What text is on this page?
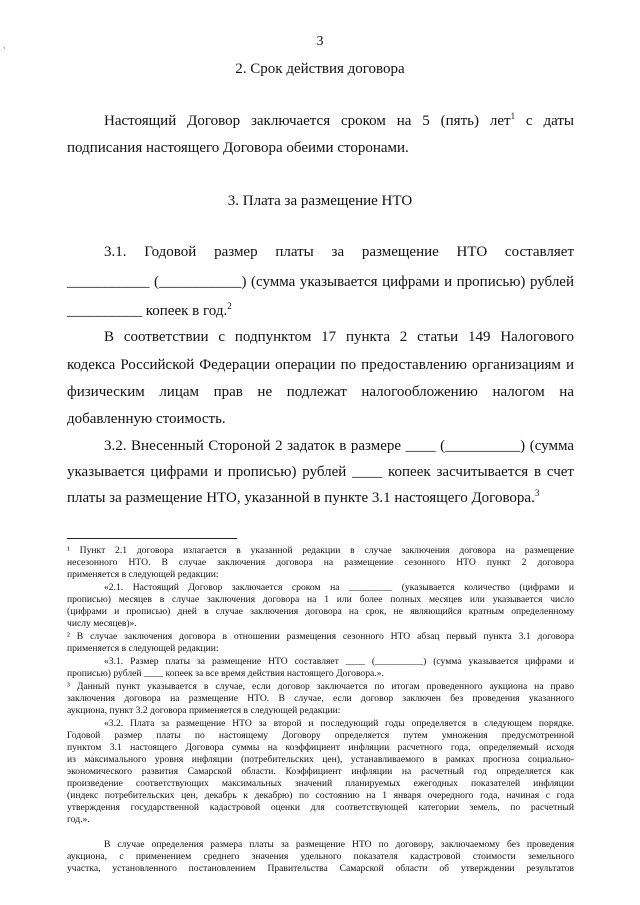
,	3
2. Срок действия договора
Настоящий Договор заключается сроком на 5 (пять) лет$^1$ с даты
подписания настоящего Договора обеими сторонами.
3. Плата за размещение НТО
3.1. Годовой размер платы за размещение НТО составляет
___________ (___________) (сумма указывается цифрами и прописью) рублей
__________ копеек в год.$^2$
В соответствии с подпунктом 17 пункта 2 статьи 149 Налогового
кодекса Российской Федерации операции по предоставлению организациям и
физическим лицам прав не подлежат налогообложению налогом на
добавленную стоимость.
3.2. Внесенный Стороной 2 задаток в размере ____ (__________) (сумма
указывается цифрами и прописью) рублей ____ копеек засчитывается в счет
платы за размещение НТО, указанной в пункте 3.1 настоящего Договора.$^3$
¹ Пункт 2.1 договора излагается в указанной редакции в случае заключения договора на размещение
несезонного НТО. В случае заключения договора на размещение сезонного НТО пункт 2 договора
применяется в следующей редакции:
«2.1. Настоящий Договор заключается сроком на _________ (указывается количество (цифрами и
прописью) месяцев в случае заключения договора на 1 или более полных месяцев или указывается число
(цифрами и прописью) дней в случае заключения договора на срок, не являющийся кратным определенному
числу месяцев)».
² В случае заключения договора в отношении размещения сезонного НТО абзац первый пункта 3.1 договора
применяется в следующей редакции:
«3.1. Размер платы за размещение НТО составляет ____ (__________) (сумма указывается цифрами и
прописью) рублей ____ копеек за все время действия настоящего Договора.».
³ Данный пункт указывается в случае, если договор заключается по итогам проведенного аукциона на право
заключения договора на размещение НТО. В случае, если договор заключен без проведения указанного
аукциона, пункт 3.2 договора применяется в следующей редакции:
«3.2. Плата за размещение НТО за второй и последующий годы определяется в следующем порядке.
Годовой размер платы по настоящему Договору определяется путем умножения предусмотренной
пунктом 3.1 настоящего Договора суммы на коэффициент инфляции расчетного года, определяемый исходя
из максимального уровня инфляции (потребительских цен), устанавливаемого в рамках прогноза социально-
экономического развития Самарской области. Коэффициент инфляции на расчетный год определяется как
произведение соответствующих максимальных значений планируемых ежегодных показателей инфляции
(индекс потребительских цен, декабрь к декабрю) по состоянию на 1 января очередного года, начиная с года
утверждения государственной кадастровой оценки для соответствующей категории земель, по расчетный
год.».
В случае определения размера платы за размещение НТО по договору, заключаемому без проведения
аукциона, с применением среднего значения удельного показателя кадастровой стоимости земельного
участка, установленного постановлением Правительства Самарской области об утверждении результатов
